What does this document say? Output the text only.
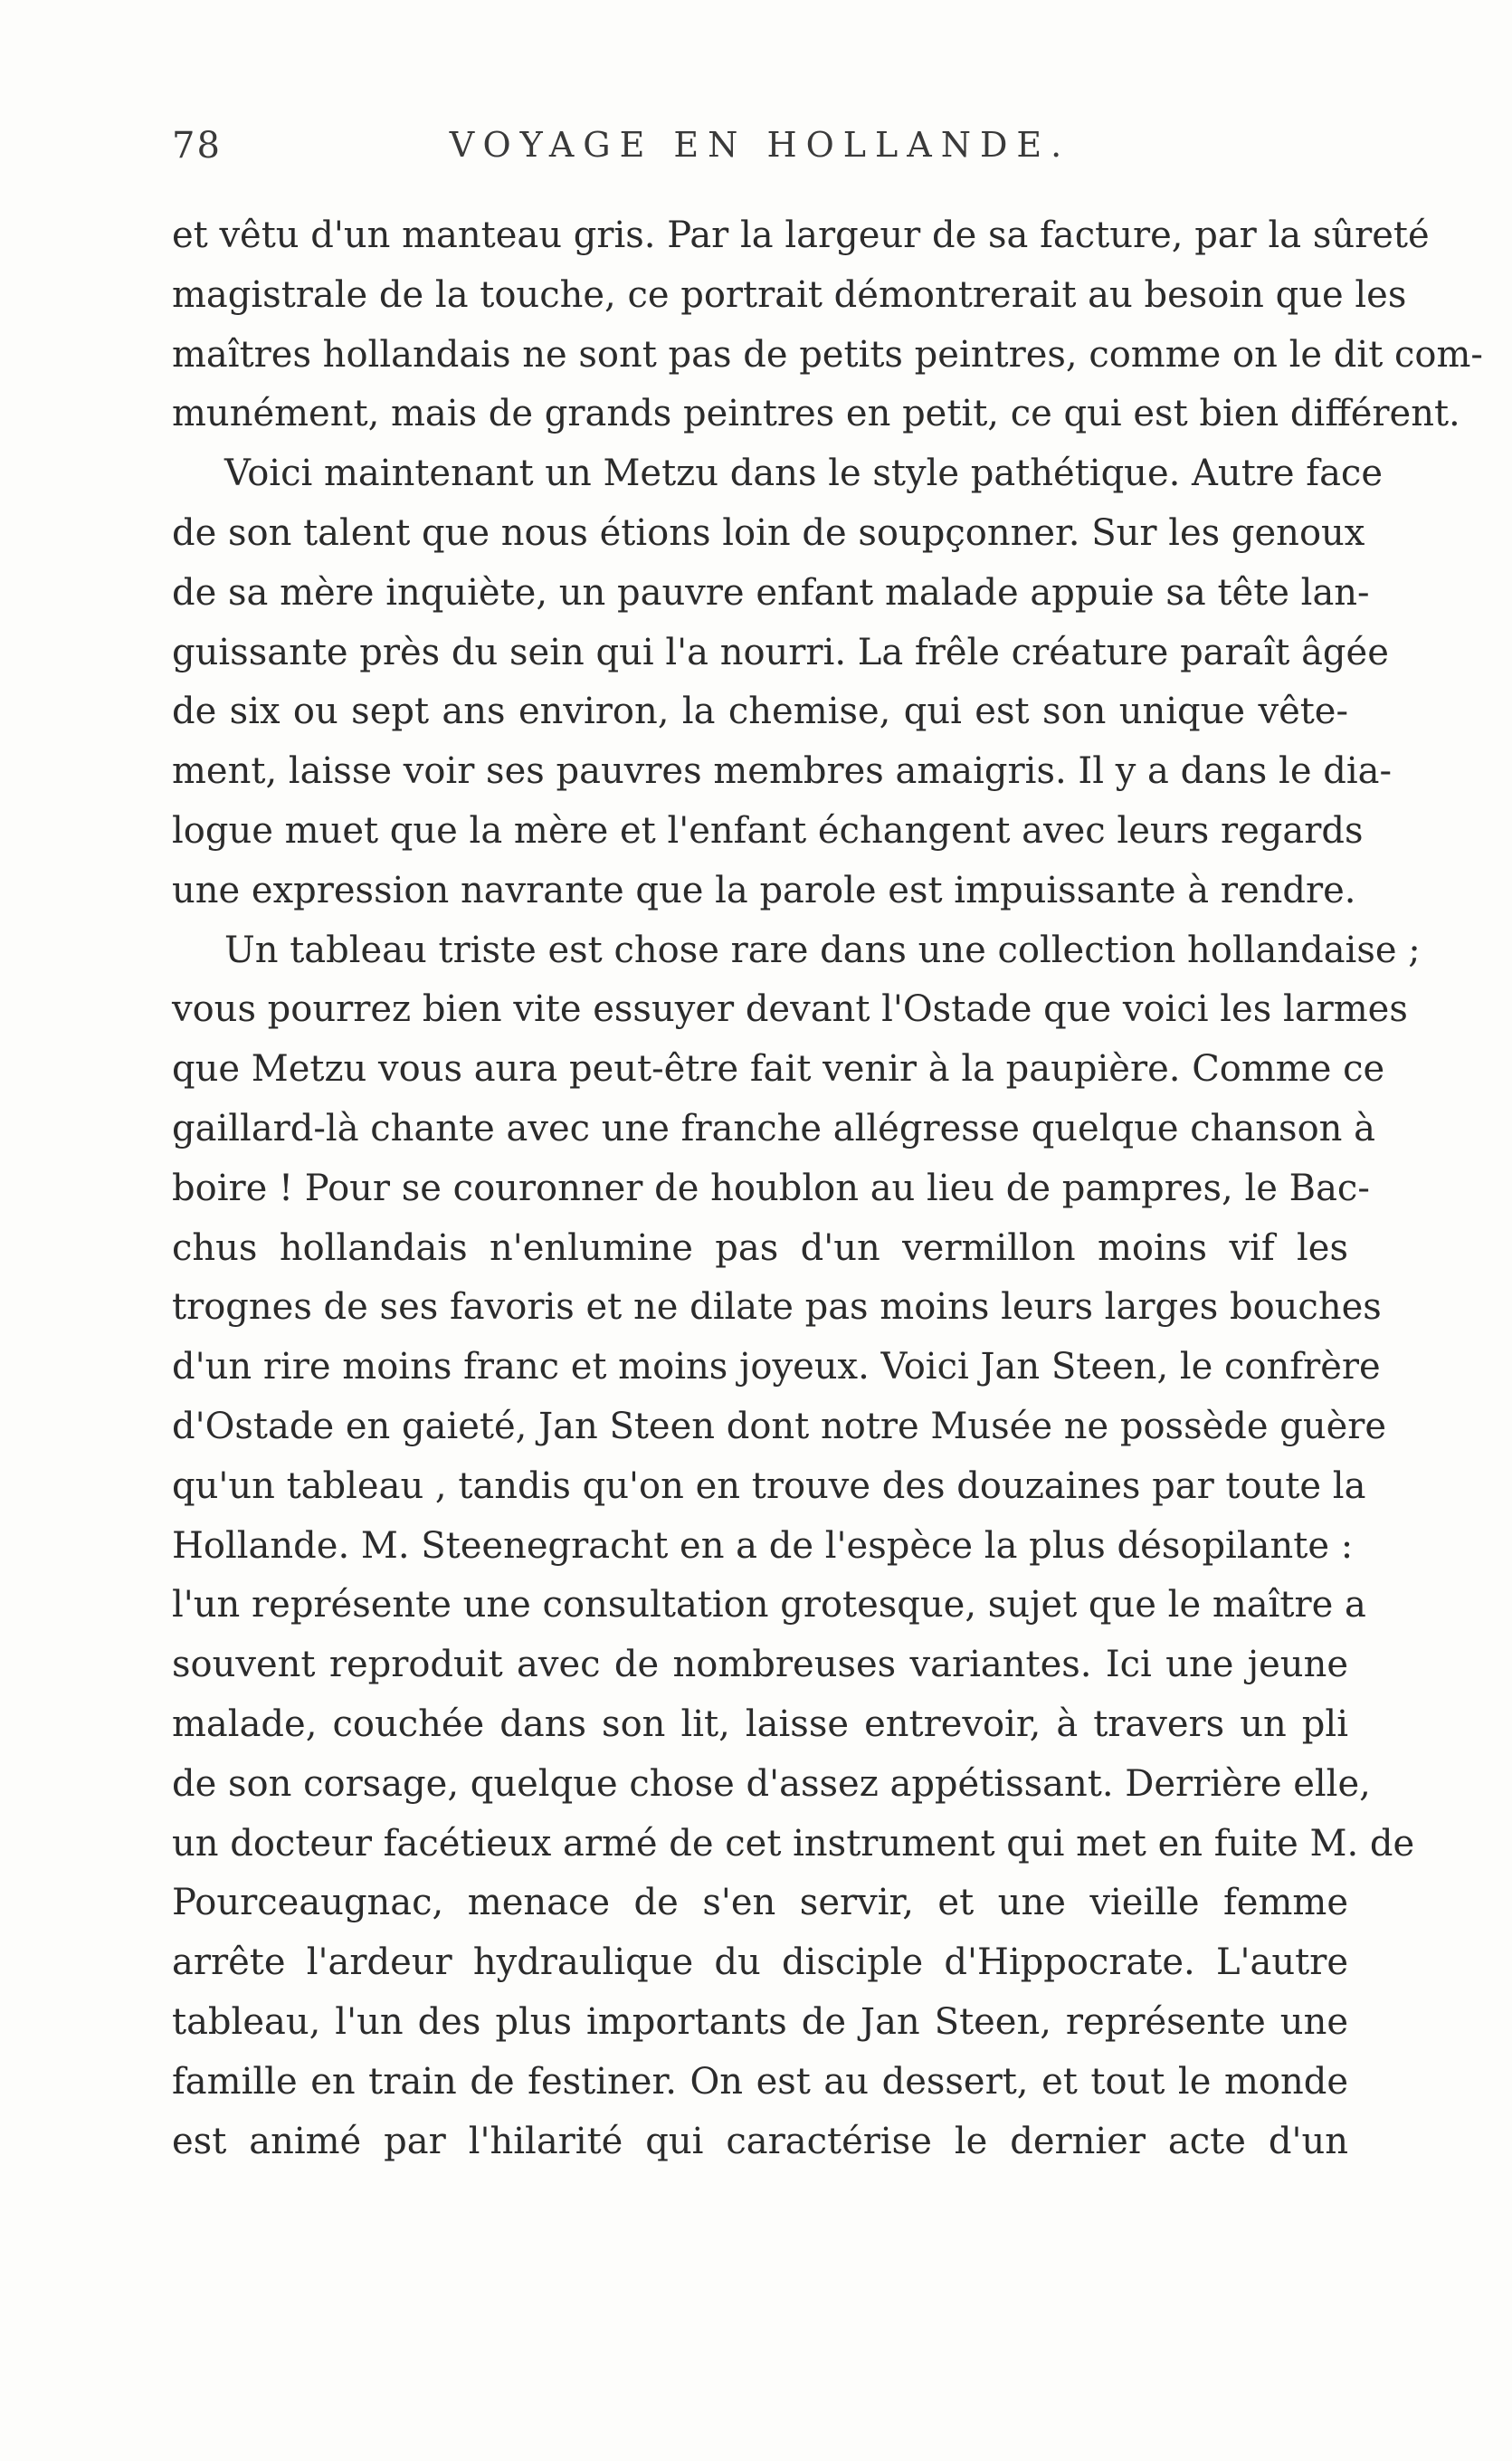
78	VOYAGE EN HOLLANDE.
et vêtu d'un manteau gris. Par la largeur de sa facture, par la sûreté
magistrale de la touche, ce portrait démontrerait au besoin que les
maîtres hollandais ne sont pas de petits peintres, comme on le dit com-
munément, mais de grands peintres en petit, ce qui est bien différent.
Voici maintenant un Metzu dans le style pathétique. Autre face
de son talent que nous étions loin de soupçonner. Sur les genoux
de sa mère inquiète, un pauvre enfant malade appuie sa tête lan-
guissante près du sein qui l'a nourri. La frêle créature paraît âgée
de six ou sept ans environ, la chemise, qui est son unique vête-
ment, laisse voir ses pauvres membres amaigris. Il y a dans le dia-
logue muet que la mère et l'enfant échangent avec leurs regards
une expression navrante que la parole est impuissante à rendre.
Un tableau triste est chose rare dans une collection hollandaise ;
vous pourrez bien vite essuyer devant l'Ostade que voici les larmes
que Metzu vous aura peut-être fait venir à la paupière. Comme ce
gaillard-là chante avec une franche allégresse quelque chanson à
boire ! Pour se couronner de houblon au lieu de pampres, le Bac-
chus hollandais n'enlumine pas d'un vermillon moins vif les
trognes de ses favoris et ne dilate pas moins leurs larges bouches
d'un rire moins franc et moins joyeux. Voici Jan Steen, le confrère
d'Ostade en gaieté, Jan Steen dont notre Musée ne possède guère
qu'un tableau , tandis qu'on en trouve des douzaines par toute la
Hollande. M. Steenegracht en a de l'espèce la plus désopilante :
l'un représente une consultation grotesque, sujet que le maître a
souvent reproduit avec de nombreuses variantes. Ici une jeune
malade, couchée dans son lit, laisse entrevoir, à travers un pli
de son corsage, quelque chose d'assez appétissant. Derrière elle,
un docteur facétieux armé de cet instrument qui met en fuite M. de
Pourceaugnac, menace de s'en servir, et une vieille femme
arrête l'ardeur hydraulique du disciple d'Hippocrate. L'autre
tableau, l'un des plus importants de Jan Steen, représente une
famille en train de festiner. On est au dessert, et tout le monde
est animé par l'hilarité qui caractérise le dernier acte d'un
